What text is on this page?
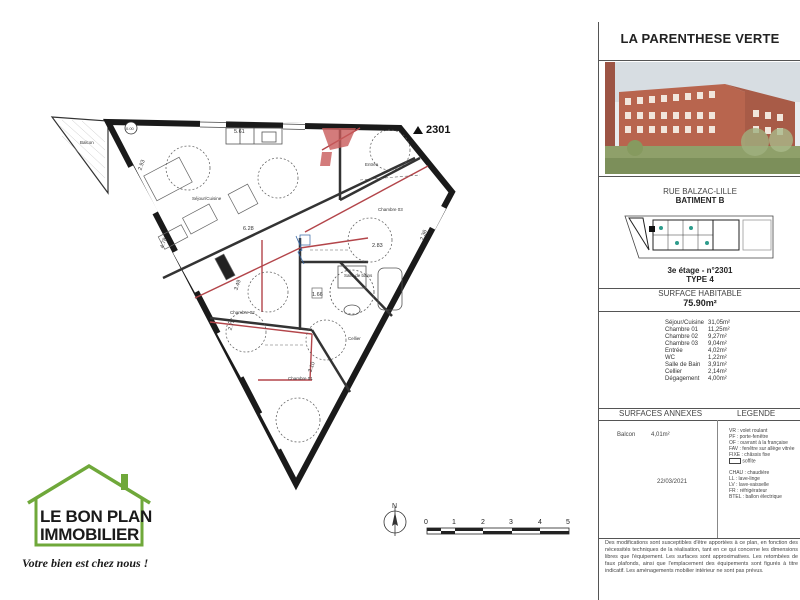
Séjour/Cuisine
Chambre 03
Chambre 02
Chambre 01
Entrée
Salle de bains
Balcon
Cellier
5.61
2.93
6.28
4.78
3.49
2.83
2.36
2.75
3.10
1.66
0.00	2301
N
0	1	2	3	4	5
LE BON PLAN
IMMOBILIER
Votre bien est chez nous !
LA PARENTHESE VERTE
RUE BALZAC-LILLE
BATIMENT B
3e étage - n°2301
TYPE 4
SURFACE HABITABLE
75.90m²
Séjour/Cuisine	31,05m²
Chambre 01	11,25m²
Chambre 02	9,27m²
Chambre 03	9,04m²
Entrée	4,02m²
WC	1,22m²
Salle de Bain	3,91m²
Cellier	2,14m²
Dégagement	4,00m²
SURFACES ANNEXES	LEGENDE
Balcon	4,01m²
22/03/2021
VR : volet roulant
PF : porte-fenêtre
OF : ouvrant à la française
FAV : fenêtre sur allège vitrée
FIXE : châssis fixe
soffite
CHAU : chaudière
LL : lave-linge
LV : lave-vaisselle
FR : réfrigérateur
BTEL : ballon électrique
Des modifications sont susceptibles d'être apportées à ce plan, en fonction des nécessités techniques de la réalisation, tant en ce qui concerne les dimensions libres que l'équipement. Les surfaces sont approximatives. Les retombées de faux plafonds, ainsi que l'emplacement des équipements sont figurés à titre indicatif. Les aménagements mobilier intérieur ne sont pas prévus.
